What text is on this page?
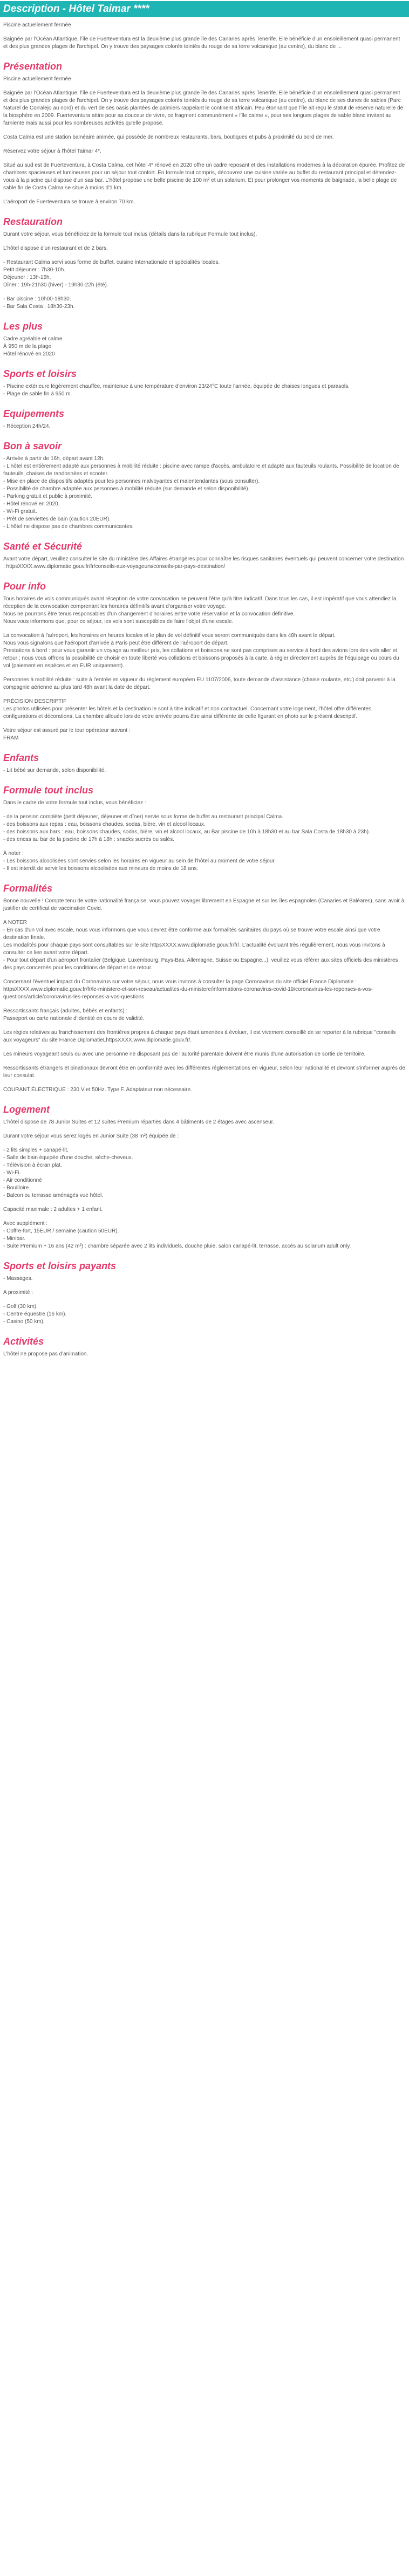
Description - Hôtel Taimar ****

Piscine actuellement fermée

Baignée par l'Océan Atlantique, l'île de Fuerteventura est la deuxième plus grande île des Canaries après Tenerife. Elle bénéficie d'un ensoleillement quasi permanent et des plus grandes plages de l'archipel. On y trouve des paysages colorés teintés du rouge de sa terre volcanique (au centre), du blanc de ...

Présentation

Piscine actuellement fermée

Baignée par l'Océan Atlantique, l'île de Fuerteventura est la deuxième plus grande île des Canaries après Tenerife. Elle bénéficie d'un ensoleillement quasi permanent et des plus grandes plages de l'archipel. On y trouve des paysages colorés teintés du rouge de sa terre volcanique (au centre), du blanc de ses dunes de sables (Parc Naturel de Corralejo au nord) et du vert de ses oasis plantées de palmiers rappelant le continent africain. Peu étonnant que l'île ait reçu le statut de réserve naturelle de la biosphère en 2009. Fuerteventura attire pour sa douceur de vivre, ce fragment communément « l'île calme », pour ses longues plages de sable blanc invitant au farniente mais aussi pour les nombreuses activités qu'elle propose.

Costa Calma est une station balnéaire animée, qui possède de nombreux restaurants, bars, boutiques et pubs à proximité du bord de mer.

Réservez votre séjour à l'hôtel Taimar 4*.

Situé au sud est de Fuerteventura, à Costa Calma, cet hôtel 4* rénové en 2020 offre un cadre reposant et des installations modernes à la décoration épurée. Profitez de chambres spacieuses et lumineuses pour un séjour tout confort. En formule tout compris, découvrez une cuisine variée au buffet du restaurant principal et détendez-vous à la piscine qui dispose d'un sas bar. L'hôtel propose une belle piscine de 100 m² et un solarium. Et pour prolonger vos moments de baignade, la belle plage de sable fin de Costa Calma se situe à moins d'1 km.

L'aéroport de Fuerteventura se trouve à environ 70 km.

Restauration

Durant votre séjour, vous bénéficiez de la formule tout inclus (détails dans la rubrique Formule tout inclus).

L'hôtel dispose d'un restaurant et de 2 bars.

- Restaurant Calma servi sous forme de buffet, cuisine internationale et spécialités locales.

Petit déjeuner : 7h30-10h.

Déjeuner : 13h-15h.

Dîner : 19h-21h30 (hiver) - 19h30-22h (été).

- Bar piscine : 10h00-18h30.

- Bar Sala Costa : 18h30-23h.

Les plus

Cadre agréable et calme

À 950 m de la plage

Hôtel rénové en 2020

Sports et loisirs

- Piscine extérieure légèrement chauffée, maintenue à une température d'environ 23/24°C toute l'année, équipée de chaises longues et parasols.

- Plage de sable fin à 950 m.

Equipements

- Réception 24h/24.

Bon à savoir

- Arrivée à partir de 16h, départ avant 12h.

- L'hôtel est entièrement adapté aux personnes à mobilité réduite : piscine avec rampe d'accès, ambulatoire et adapté aux fauteuils roulants. Possibilité de location de fauteuils, chaises de randonnées et scooter.

- Mise en place de dispositifs adaptés pour les personnes malvoyantes et malentendantes (sous consulter).

- Possibilité de chambre adaptée aux personnes à mobilité réduite (sur demande et selon disponibilité).

- Parking gratuit et public à proximité.

- Hôtel rénové en 2020.

- Wi-Fi gratuit.

- Prêt de serviettes de bain (caution 20EUR).

- L'hôtel ne dispose pas de chambres communicantes.

Santé et Sécurité

Avant votre départ, veuillez consulter le site du ministère des Affaires étrangères pour connaître les risques sanitaires éventuels qui peuvent concerner votre destination : httpsXXXX.www.diplomatie.gouv.fr/fr/conseils-aux-voyageurs/conseils-par-pays-destination/

Pour info

Tous horaires de vols communiqués avant réception de votre convocation ne peuvent l'être qu'à titre indicatif. Dans tous les cas, il est impératif que vous attendiez la réception de la convocation comprenant les horaires définitifs avant d'organiser votre voyage.

Nous ne pourrons être tenus responsables d'un changement d'horaires entre votre réservation et la convocation définitive.

Nous vous informons que, pour ce séjour, les vols sont susceptibles de faire l'objet d'une escale.

La convocation à l'aéroport, les horaires en heures locales et le plan de vol définitif vous seront communiqués dans les 48h avant le départ.

Nous vous signalons que l'aéroport d'arrivée à Paris peut être différent de l'aéroport de départ.

Prestations à bord : pour vous garantir un voyage au meilleur prix, les collations et boissons ne sont pas comprises au service à bord des avions lors des vols aller et retour ; nous vous offrons la possibilité de choisir en toute liberté vos collations et boissons proposés à la carte, à régler directement auprès de l'équipage ou cours du vol (paiement en espèces et en EUR uniquement).

Personnes à mobilité réduite : suite à l'entrée en vigueur du règlement européen EU 1107/2006, toute demande d'assistance (chaise roulante, etc.) doit parvenir à la compagnie aérienne au plus tard 48h avant la date de départ.

PRÉCISION DESCRIPTIF

Les photos utilisées pour présenter les hôtels et la destination le sont à titre indicatif et non contractuel. Concernant votre logement, l'hôtel offre différentes configurations et décorations. La chambre allouée lors de votre arrivée pourra être ainsi différente de celle figurant en photo sur le présent descriptif.

Votre séjour est assuré par le tour opérateur suivant :

FRAM

Enfants

- Lit bébé sur demande, selon disponibilité.

Formule tout inclus

Dans le cadre de votre formule tout inclus, vous bénéficiez :

- de la pension complète (petit déjeuner, déjeuner et dîner) servie sous forme de buffet au restaurant principal Calma.

- des boissons aux repas : eau, boissons chaudes, sodas, bière, vin et alcool locaux.

- des boissons aux bars : eau, boissons chaudes, sodas, bière, vin et alcool locaux, au Bar piscine de 10h à 18h30 et au bar Sala Costa de 18h30 à 23h).

- des encas au bar de la piscine de 17h à 18h : snacks sucrés ou salés.

À noter :

- Les boissons alcoolisées sont servies selon les horaires en vigueur au sein de l'hôtel au moment de votre séjour.

- Il est interdit de servir les boissons alcoolisées aux mineurs de moins de 18 ans.

Formalités

Bonne nouvelle ! Compte tenu de votre nationalité française, vous pouvez voyager librement en Espagne et sur les îles espagnoles (Canaries et Baléares), sans avoir à justifier de certificat de vaccination Covid.

A NOTER

- En cas d'un vol avec escale, nous vous informons que vous devrez être conforme aux formalités sanitaires du pays où se trouve votre escale ainsi que votre destination finale.

Les modalités pour chaque pays sont consultables sur le site httpsXXXX.www.diplomatie.gouv.fr/fr/. L'actualité évoluant très régulièrement, nous vous invitons à consulter ce lien avant votre départ.

- Pour tout départ d'un aéroport frontalier (Belgique, Luxembourg, Pays-Bas, Allemagne, Suisse ou Espagne...), veuillez vous référer aux sites officiels des ministères des pays concernés pour les conditions de départ et de retour.

Concernant l'éventuel impact du Coronavirus sur votre séjour, nous vous invitons à consulter la page Coronavirus du site officiel France Diplomatie : httpsXXXX.www.diplomatie.gouv.fr/fr/le-ministere-et-son-reseau/actualites-du-ministere/informations-coronavirus-covid-19/coronavirus-les-reponses-a-vos-questions/article/coronavirus-les-reponses-a-vos-questions

Ressortissants français (adultes, bébés et enfants) :

Passeport ou carte nationale d'identité en cours de validité.

Les règles relatives au franchissement des frontières propres à chaque pays étant amenées à évoluer, il est vivement conseillé de se reporter à la rubrique "conseils aux voyageurs" du site France DiplomatieLhttpsXXXX.www.diplomatie.gouv.fr/.

Les mineurs voyageant seuls ou avec une personne ne disposant pas de l'autorité parentale doivent être munis d'une autorisation de sortie de territoire.

Ressortissants étrangers et binationaux devront être en conformité avec les différentes réglementations en vigueur, selon leur nationalité et devront s'informer auprès de leur consulat.

COURANT ÉLECTRIQUE : 230 V et 50Hz. Type F. Adaptateur non nécessaire.

Logement

L'hôtel dispose de 78 Junior Suites et 12 suites Premium réparties dans 4 bâtiments de 2 étages avec ascenseur.

Durant votre séjour vous serez logés en Junior Suite (38 m²) équipée de :

- 2 lits simples + canapé-lit,

- Salle de bain équipée d'une douche, sèche-cheveux.

- Télévision à écran plat.

- Wi-Fi.

- Air conditionné

- Bouilloire

- Balcon ou terrasse aménagés vue hôtel.

Capacité maximale : 2 adultes + 1 enfant.

Avec supplément :

- Coffre-fort, 15EUR / semaine (caution 50EUR).

- Minibar.

- Suite Premium + 16 ans (42 m²) : chambre séparée avec 2 lits individuels, douche pluie, salon canapé-lit, terrasse, accès au solarium adult only.

Sports et loisirs payants

- Massages.

A proximité :

- Golf (30 km).

- Centre équestre (16 km).

- Casino (50 km).

Activités

L'hôtel ne propose pas d'animation.
